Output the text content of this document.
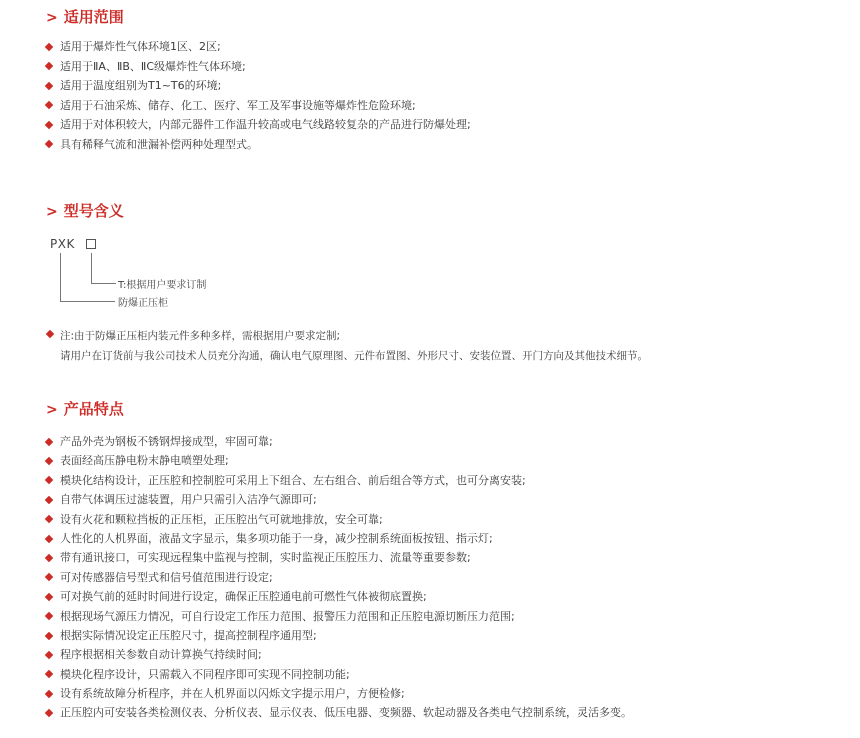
> 适用范围
适用于爆炸性气体环境1区、2区;
适用于ⅡA、ⅡB、ⅡC级爆炸性气体环境;
适用于温度组别为T1~T6的环境;
适用于石油采炼、储存、化工、医疗、军工及军事设施等爆炸性危险环境;
适用于对体积较大，内部元器件工作温升较高或电气线路较复杂的产品进行防爆处理;
具有稀释气流和泄漏补偿两种处理型式。
> 型号含义
PXK
T:根据用户要求订制
防爆正压柜
注:由于防爆正压柜内装元件多种多样，需根据用户要求定制;
请用户在订货前与我公司技术人员充分沟通，确认电气原理图、元件布置图、外形尺寸、安装位置、开门方向及其他技术细节。
> 产品特点
产品外壳为钢板不锈钢焊接成型，牢固可靠;
表面经高压静电粉末静电喷塑处理;
模块化结构设计，正压腔和控制腔可采用上下组合、左右组合、前后组合等方式，也可分离安装;
自带气体调压过滤装置，用户只需引入洁净气源即可;
设有火花和颗粒挡板的正压柜，正压腔出气可就地排放，安全可靠;
人性化的人机界面，液晶文字显示，集多项功能于一身，减少控制系统面板按钮、指示灯;
带有通讯接口，可实现远程集中监视与控制，实时监视正压腔压力、流量等重要参数;
可对传感器信号型式和信号值范围进行设定;
可对换气前的延时时间进行设定，确保正压腔通电前可燃性气体被彻底置换;
根据现场气源压力情况，可自行设定工作压力范围、报警压力范围和正压腔电源切断压力范围;
根据实际情况设定正压腔尺寸，提高控制程序通用型;
程序根据相关参数自动计算换气持续时间;
模块化程序设计，只需载入不同程序即可实现不同控制功能;
设有系统故障分析程序，并在人机界面以闪烁文字提示用户，方便检修;
正压腔内可安装各类检测仪表、分析仪表、显示仪表、低压电器、变频器、软起动器及各类电气控制系统，灵活多变。
